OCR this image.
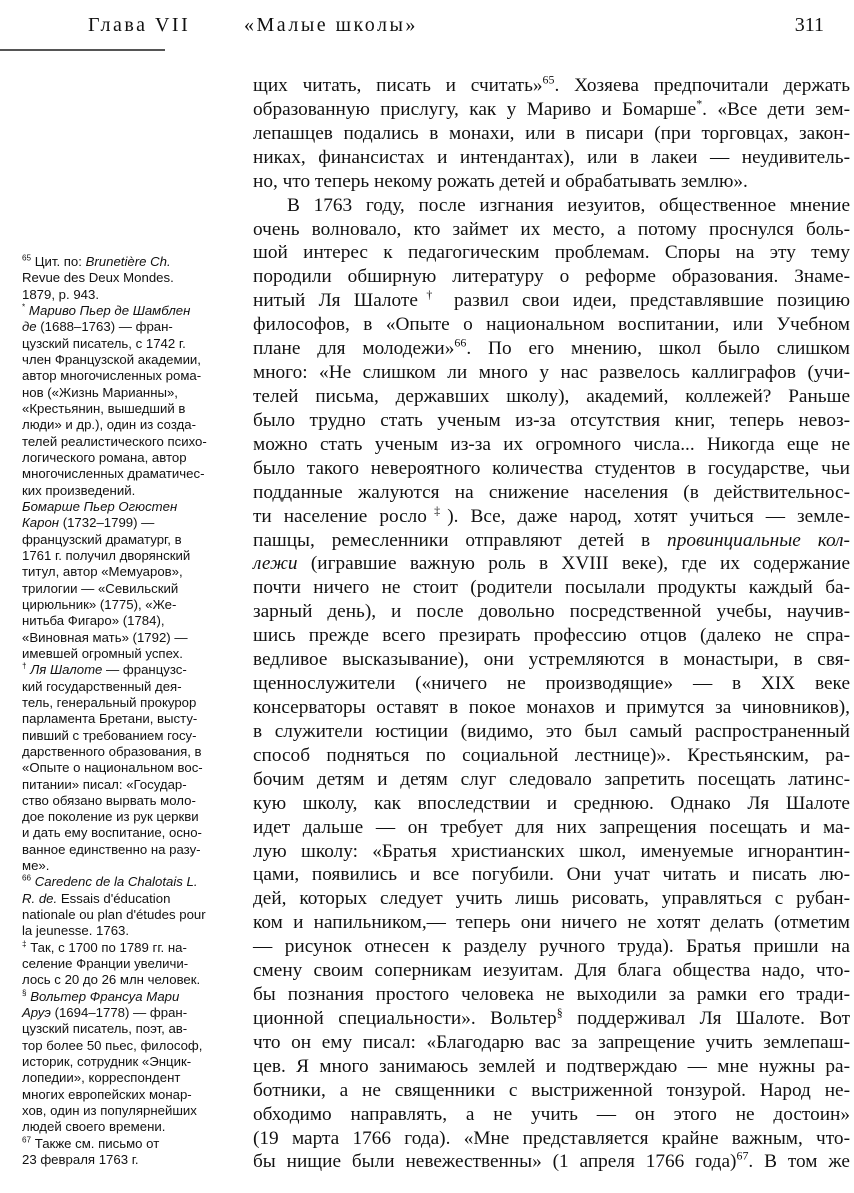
Глава VII	«Малые школы»	311
$^{65}$ Цит. по: Brunetière Ch.
Revue des Deux Mondes.
1879, p. 943.
* Мариво Пьер де Шамблен
де (1688–1763) — фран-
цузский писатель, с 1742 г.
член Французской академии,
автор многочисленных рома-
нов («Жизнь Марианны»,
«Крестьянин, вышедший в
люди» и др.), один из созда-
телей реалистического психо-
логического романа, автор
многочисленных драматичес-
ких произведений.
Бомарше Пьер Огюстен
Карон (1732–1799) —
французский драматург, в
1761 г. получил дворянский
титул, автор «Мемуаров»,
трилогии — «Севильский
цирюльник» (1775), «Же-
нитьба Фигаро» (1784),
«Виновная мать» (1792) —
имевшей огромный успех.
† Ля Шалоте — французс-
кий государственный дея-
тель, генеральный прокурор
парламента Бретани, высту-
пивший с требованием госу-
дарственного образования, в
«Опыте о национальном вос-
питании» писал: «Государ-
ство обязано вырвать моло-
дое поколение из рук церкви
и дать ему воспитание, осно-
ванное единственно на разу-
ме».
$^{66}$ Caredenc de la Chalotais L.
R. de. Essais d'éducation
nationale ou plan d'études pour
la jeunesse. 1763.
‡ Так, с 1700 по 1789 гг. на-
селение Франции увеличи-
лось с 20 до 26 млн человек.
§ Вольтер Франсуа Мари
Аруэ (1694–1778) — фран-
цузский писатель, поэт, ав-
тор более 50 пьес, философ,
историк, сотрудник «Энцик-
лопедии», корреспондент
многих европейских монар-
хов, один из популярнейших
людей своего времени.
$^{67}$ Также см. письмо от
23 февраля 1763 г.
щих читать, писать и считать»$^{65}$. Хозяева предпочитали держать
образованную прислугу, как у Мариво и Бомарше*. «Все дети зем-
лепашцев подались в монахи, или в писари (при торговцах, закон-
никах, финансистах и интендантах), или в лакеи — неудивитель-
но, что теперь некому рожать детей и обрабатывать землю».
В 1763 году, после изгнания иезуитов, общественное мнение
очень волновало, кто займет их место, а потому проснулся боль-
шой интерес к педагогическим проблемам. Споры на эту тему
породили обширную литературу о реформе образования. Знаме-
нитый Ля Шалоте† развил свои идеи, представлявшие позицию
философов, в «Опыте о национальном воспитании, или Учебном
плане для молодежи»$^{66}$. По его мнению, школ было слишком
много: «Не слишком ли много у нас развелось каллиграфов (учи-
телей письма, державших школу), академий, коллежей? Раньше
было трудно стать ученым из-за отсутствия книг, теперь невоз-
можно стать ученым из-за их огромного числа... Никогда еще не
было такого невероятного количества студентов в государстве, чьи
подданные жалуются на снижение населения (в действительнос-
ти население росло‡). Все, даже народ, хотят учиться — земле-
пашцы, ремесленники отправляют детей в провинциальные кол-
лежи (игравшие важную роль в XVIII веке), где их содержание
почти ничего не стоит (родители посылали продукты каждый ба-
зарный день), и после довольно посредственной учебы, научив-
шись прежде всего презирать профессию отцов (далеко не спра-
ведливое высказывание), они устремляются в монастыри, в свя-
щеннослужители («ничего не производящие» — в XIX веке
консерваторы оставят в покое монахов и примутся за чиновников),
в служители юстиции (видимо, это был самый распространенный
способ подняться по социальной лестнице)». Крестьянским, ра-
бочим детям и детям слуг следовало запретить посещать латинс-
кую школу, как впоследствии и среднюю. Однако Ля Шалоте
идет дальше — он требует для них запрещения посещать и ма-
лую школу: «Братья христианских школ, именуемые игнорантин-
цами, появились и все погубили. Они учат читать и писать лю-
дей, которых следует учить лишь рисовать, управляться с рубан-
ком и напильником,— теперь они ничего не хотят делать (отметим
— рисунок отнесен к разделу ручного труда). Братья пришли на
смену своим соперникам иезуитам. Для блага общества надо, что-
бы познания простого человека не выходили за рамки его тради-
ционной специальности». Вольтер§ поддерживал Ля Шалоте. Вот
что он ему писал: «Благодарю вас за запрещение учить землепаш-
цев. Я много занимаюсь землей и подтверждаю — мне нужны ра-
ботники, а не священники с выстриженной тонзурой. Народ не-
обходимо направлять, а не учить — он этого не достоин»
(19 марта 1766 года). «Мне представляется крайне важным, что-
бы нищие были невежественны» (1 апреля 1766 года)$^{67}$. В том же
